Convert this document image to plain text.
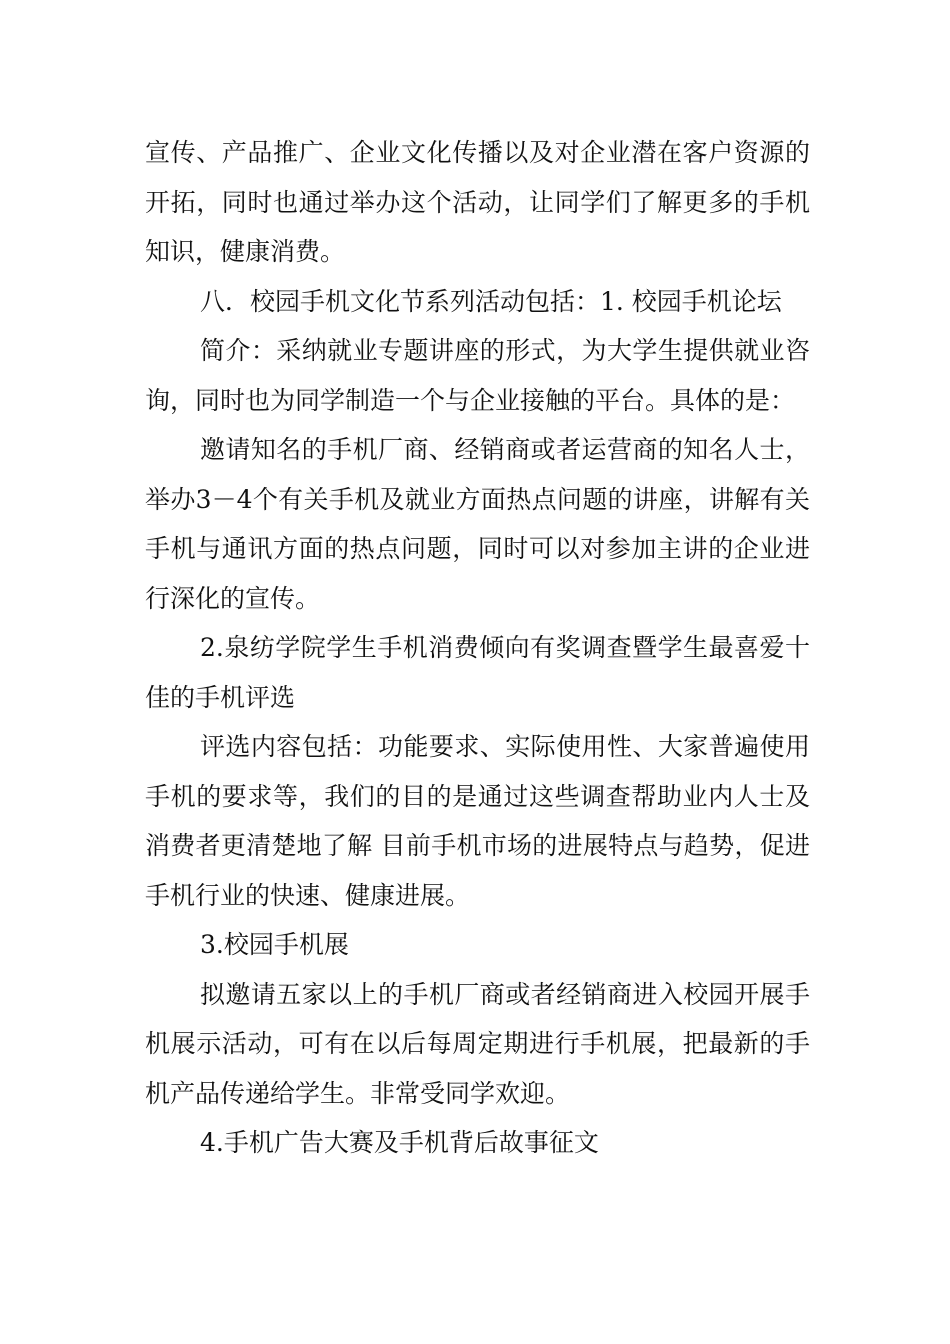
宣传、产品推广、企业文化传播以及对企业潜在客户资源的开拓，同时也通过举办这个活动，让同学们了解更多的手机知识，健康消费。

八．校园手机文化节系列活动包括：1. 校园手机论坛

简介：采纳就业专题讲座的形式，为大学生提供就业咨询，同时也为同学制造一个与企业接触的平台。具体的是：

邀请知名的手机厂商、经销商或者运营商的知名人士，举办3－4个有关手机及就业方面热点问题的讲座，讲解有关手机与通讯方面的热点问题，同时可以对参加主讲的企业进行深化的宣传。

2.泉纺学院学生手机消费倾向有奖调查暨学生最喜爱十佳的手机评选

评选内容包括：功能要求、实际使用性、大家普遍使用手机的要求等，我们的目的是通过这些调查帮助业内人士及消费者更清楚地了解 目前手机市场的进展特点与趋势，促进手机行业的快速、健康进展。

3.校园手机展

拟邀请五家以上的手机厂商或者经销商进入校园开展手机展示活动，可有在以后每周定期进行手机展，把最新的手机产品传递给学生。非常受同学欢迎。

4.手机广告大赛及手机背后故事征文
